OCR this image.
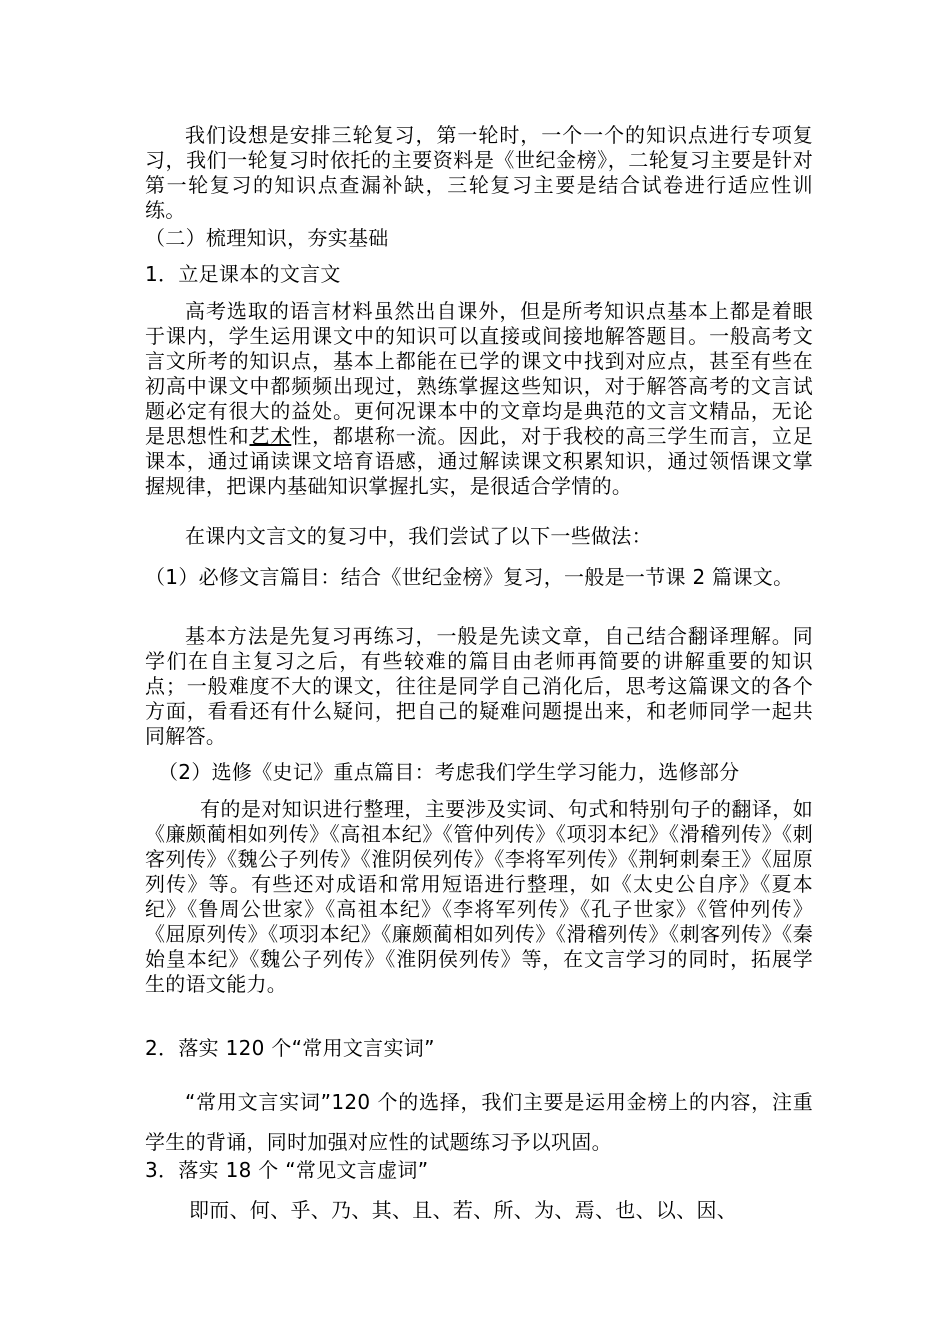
我们设想是安排三轮复习，第一轮时，一个一个的知识点进行专项复习，我们一轮复习时依托的主要资料是《世纪金榜》，二轮复习主要是针对第一轮复习的知识点查漏补缺，三轮复习主要是结合试卷进行适应性训练。

（二）梳理知识，夯实基础

1．立足课本的文言文

高考选取的语言材料虽然出自课外，但是所考知识点基本上都是着眼于课内，学生运用课文中的知识可以直接或间接地解答题目。一般高考文言文所考的知识点，基本上都能在已学的课文中找到对应点，甚至有些在初高中课文中都频频出现过，熟练掌握这些知识，对于解答高考的文言试题必定有很大的益处。更何况课本中的文章均是典范的文言文精品，无论是思想性和艺术性，都堪称一流。因此，对于我校的高三学生而言，立足课本，通过诵读课文培育语感，通过解读课文积累知识，通过领悟课文掌握规律，把课内基础知识掌握扎实，是很适合学情的。

在课内文言文的复习中，我们尝试了以下一些做法：

（1）必修文言篇目：结合《世纪金榜》复习，一般是一节课 2 篇课文。

基本方法是先复习再练习，一般是先读文章，自己结合翻译理解。同学们在自主复习之后，有些较难的篇目由老师再简要的讲解重要的知识点；一般难度不大的课文，往往是同学自己消化后，思考这篇课文的各个方面，看看还有什么疑问，把自己的疑难问题提出来，和老师同学一起共同解答。

（2）选修《史记》重点篇目：考虑我们学生学习能力，选修部分

有的是对知识进行整理，主要涉及实词、句式和特别句子的翻译，如《廉颇蔺相如列传》《高祖本纪》《管仲列传》《项羽本纪》《滑稽列传》《刺客列传》《魏公子列传》《淮阴侯列传》《李将军列传》《荆轲刺秦王》《屈原列传》等。有些还对成语和常用短语进行整理，如《太史公自序》《夏本纪》《鲁周公世家》《高祖本纪》《李将军列传》《孔子世家》《管仲列传》《屈原列传》《项羽本纪》《廉颇蔺相如列传》《滑稽列传》《刺客列传》《秦始皇本纪》《魏公子列传》《淮阴侯列传》等，在文言学习的同时，拓展学生的语文能力。

2．落实 120 个“常用文言实词”

“常用文言实词”120 个的选择，我们主要是运用金榜上的内容，注重学生的背诵，同时加强对应性的试题练习予以巩固。

3．落实 18 个 “常见文言虚词”

即而、何、乎、乃、其、且、若、所、为、焉、也、以、因、
